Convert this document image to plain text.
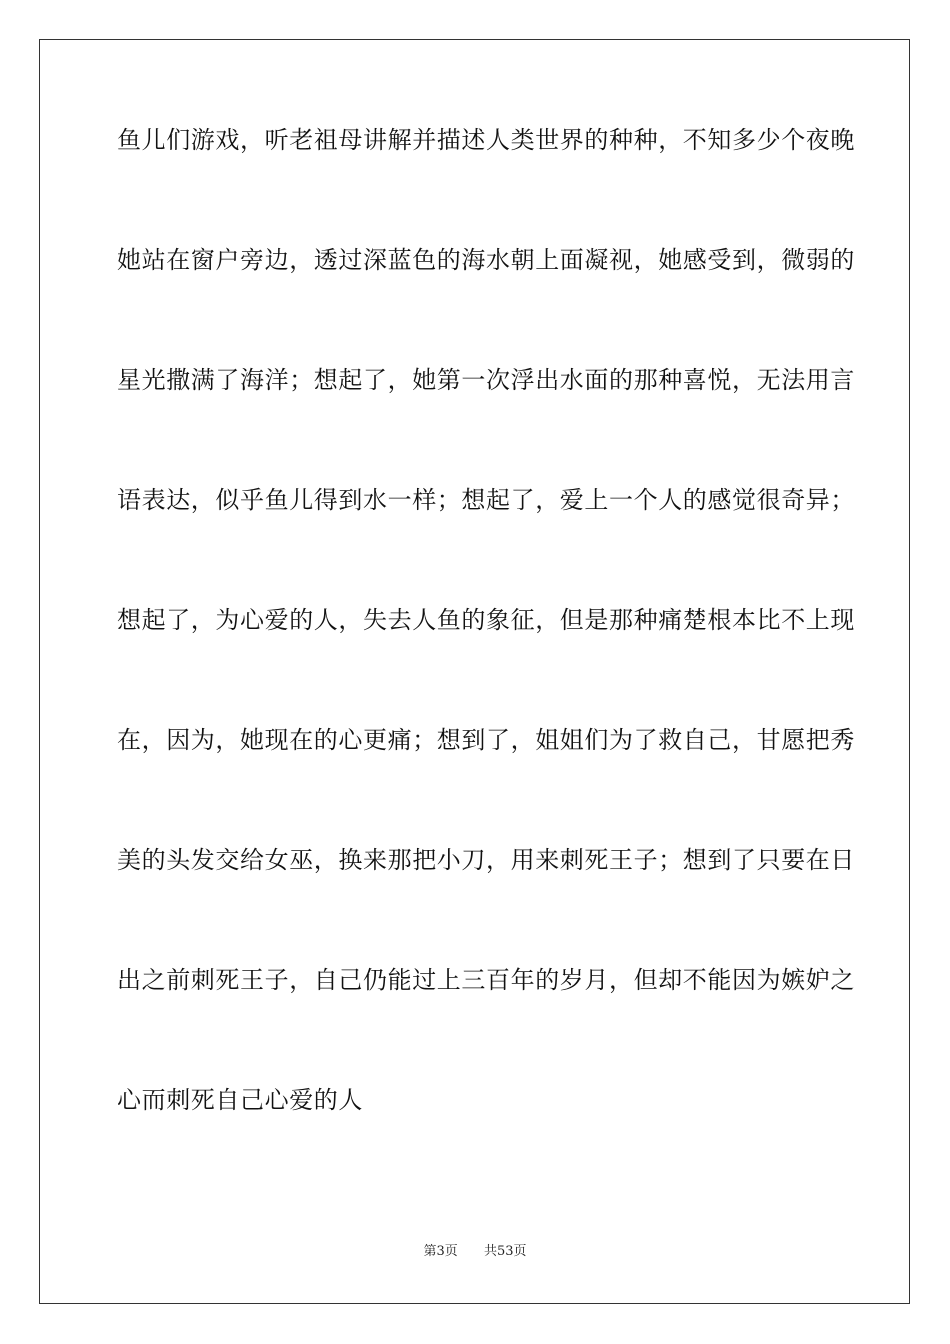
鱼儿们游戏，听老祖母讲解并描述人类世界的种种，不知多少个夜晚
她站在窗户旁边，透过深蓝色的海水朝上面凝视，她感受到，微弱的
星光撒满了海洋；想起了，她第一次浮出水面的那种喜悦，无法用言
语表达，似乎鱼儿得到水一样；想起了，爱上一个人的感觉很奇异；
想起了，为心爱的人，失去人鱼的象征，但是那种痛楚根本比不上现
在，因为，她现在的心更痛；想到了，姐姐们为了救自己，甘愿把秀
美的头发交给女巫，换来那把小刀，用来刺死王子；想到了只要在日
出之前刺死王子，自己仍能过上三百年的岁月，但却不能因为嫉妒之
心而刺死自己心爱的人
第3页 共53页
